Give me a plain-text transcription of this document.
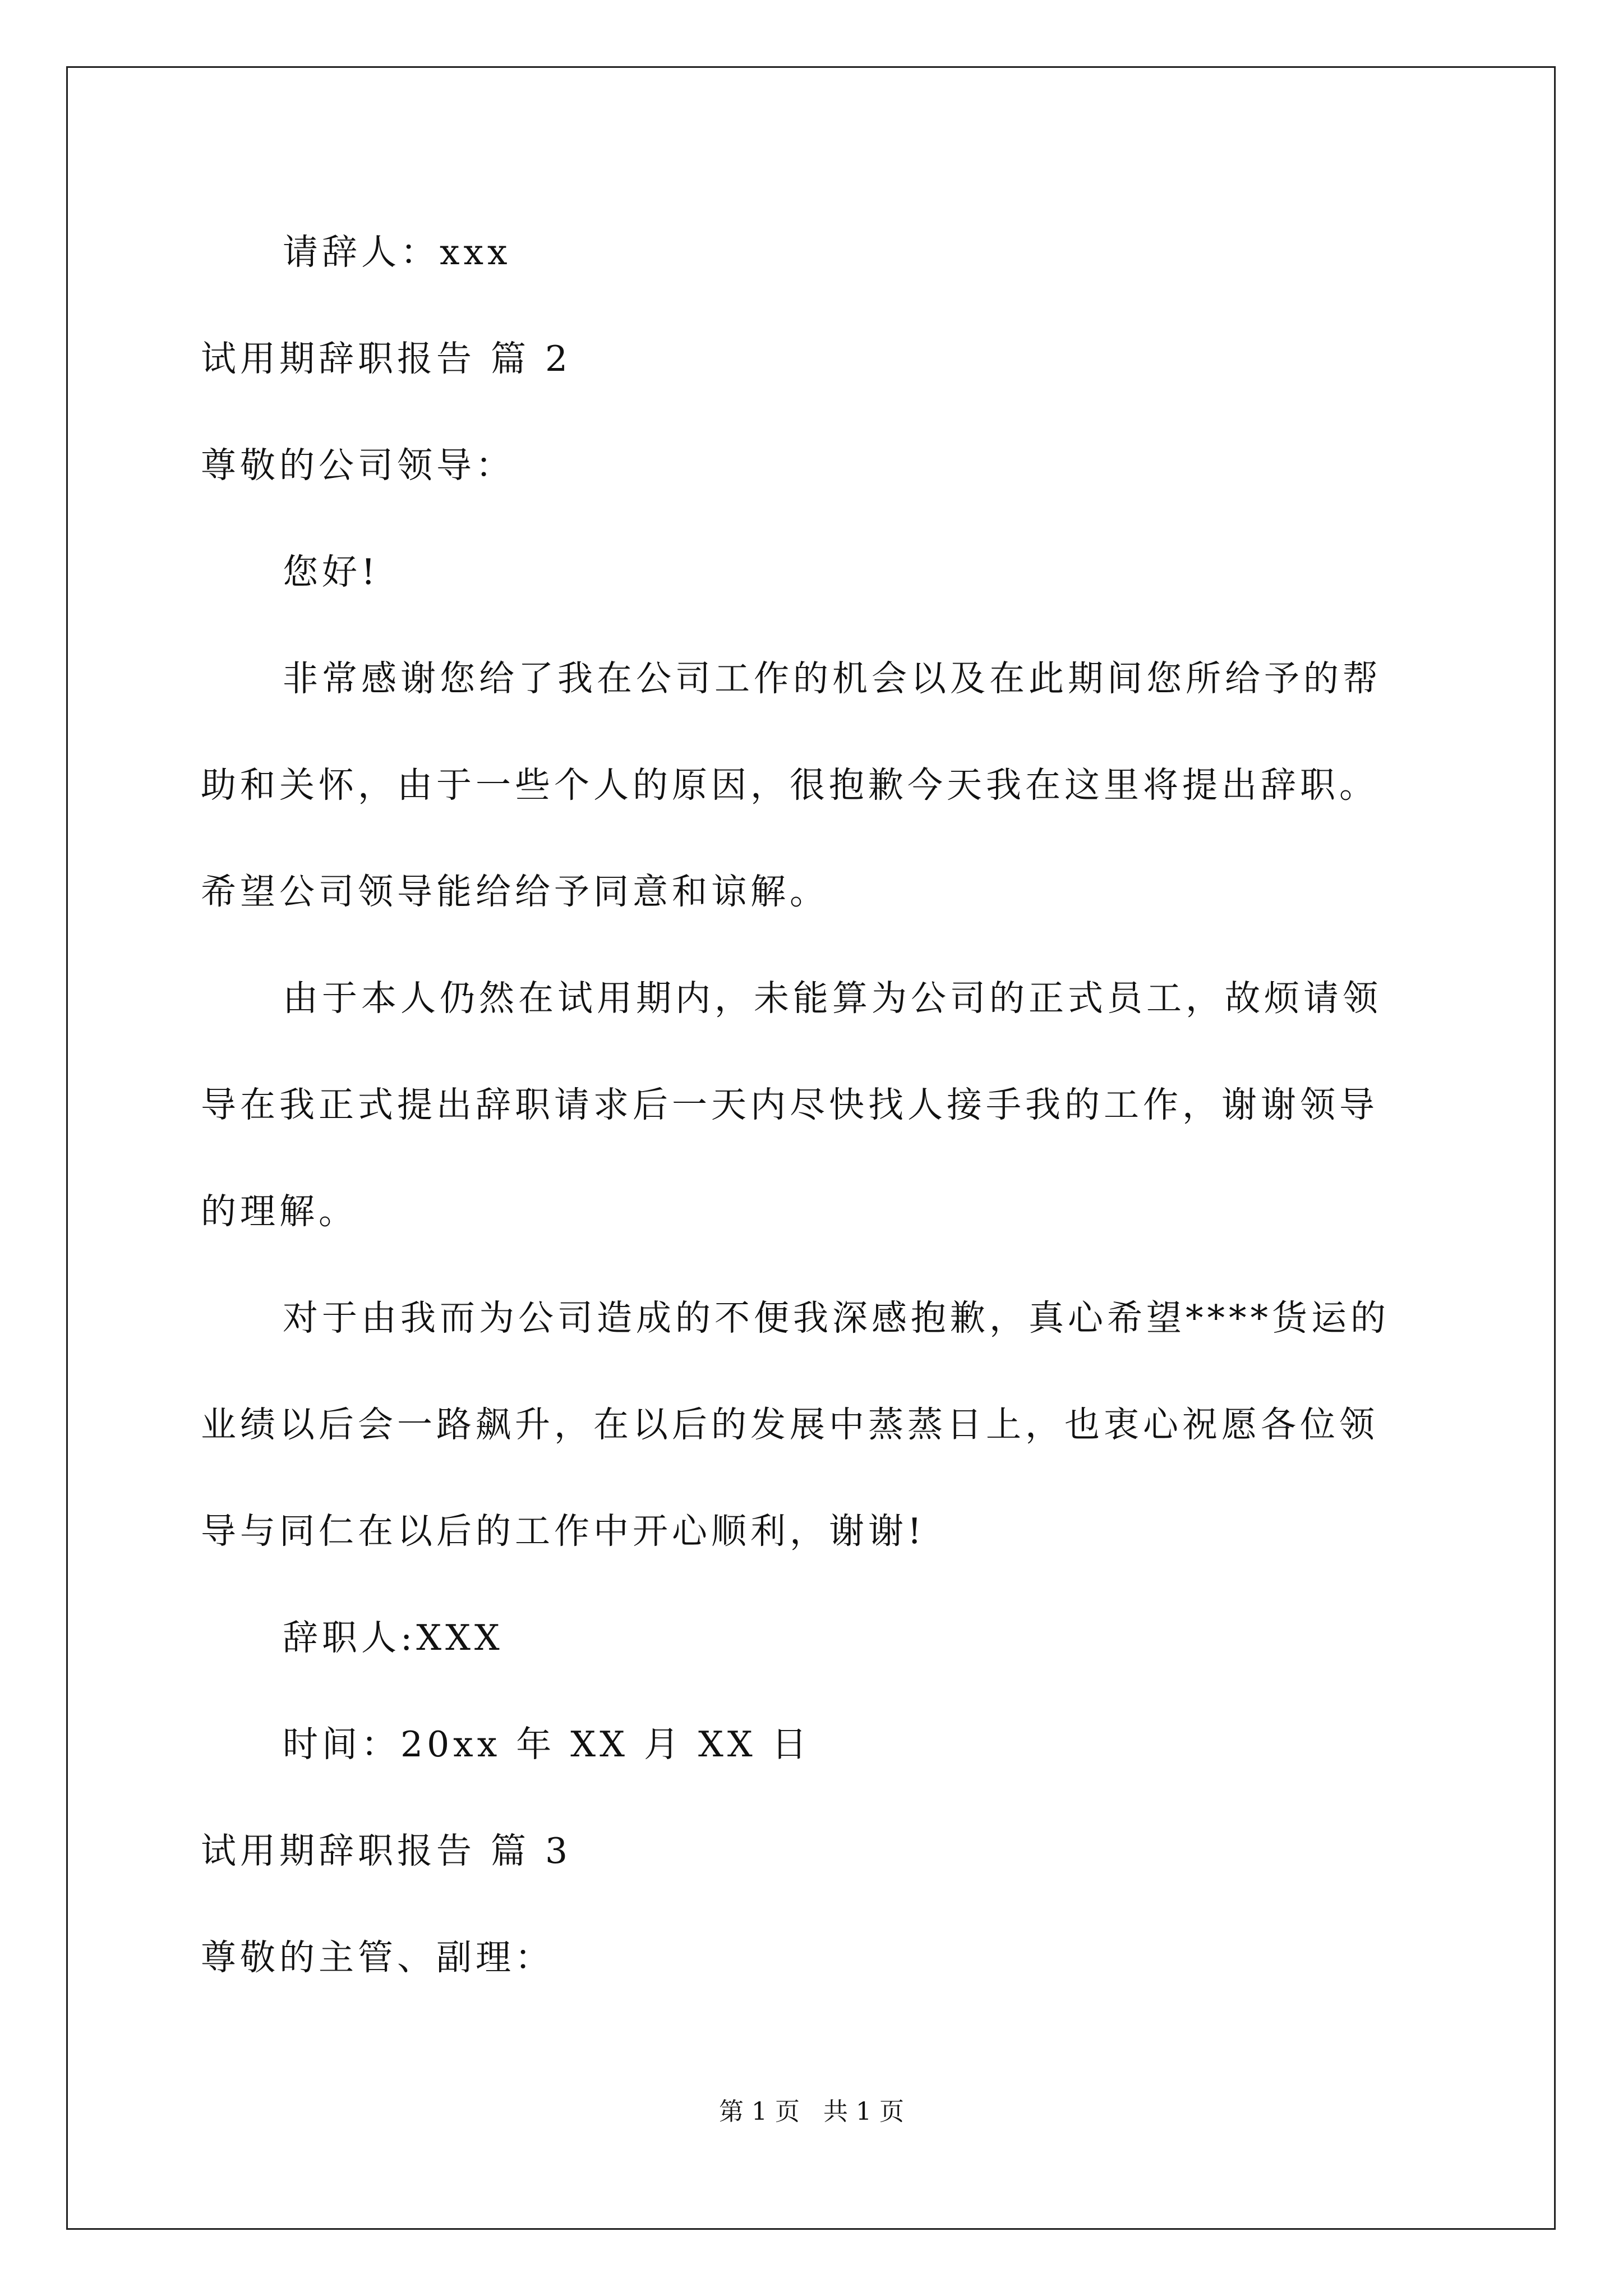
请辞人：xxx
试用期辞职报告 篇 2
尊敬的公司领导：
您好!
非常感谢您给了我在公司工作的机会以及在此期间您所给予的帮
助和关怀，由于一些个人的原因，很抱歉今天我在这里将提出辞职。
希望公司领导能给给予同意和谅解。
由于本人仍然在试用期内，未能算为公司的正式员工，故烦请领
导在我正式提出辞职请求后一天内尽快找人接手我的工作，谢谢领导
的理解。
对于由我而为公司造成的不便我深感抱歉，真心希望****货运的
业绩以后会一路飙升，在以后的发展中蒸蒸日上，也衷心祝愿各位领
导与同仁在以后的工作中开心顺利，谢谢!
辞职人:XXX
时间：20xx 年 XX 月 XX 日
试用期辞职报告 篇 3
尊敬的主管、副理：
第 1 页   共 1 页
